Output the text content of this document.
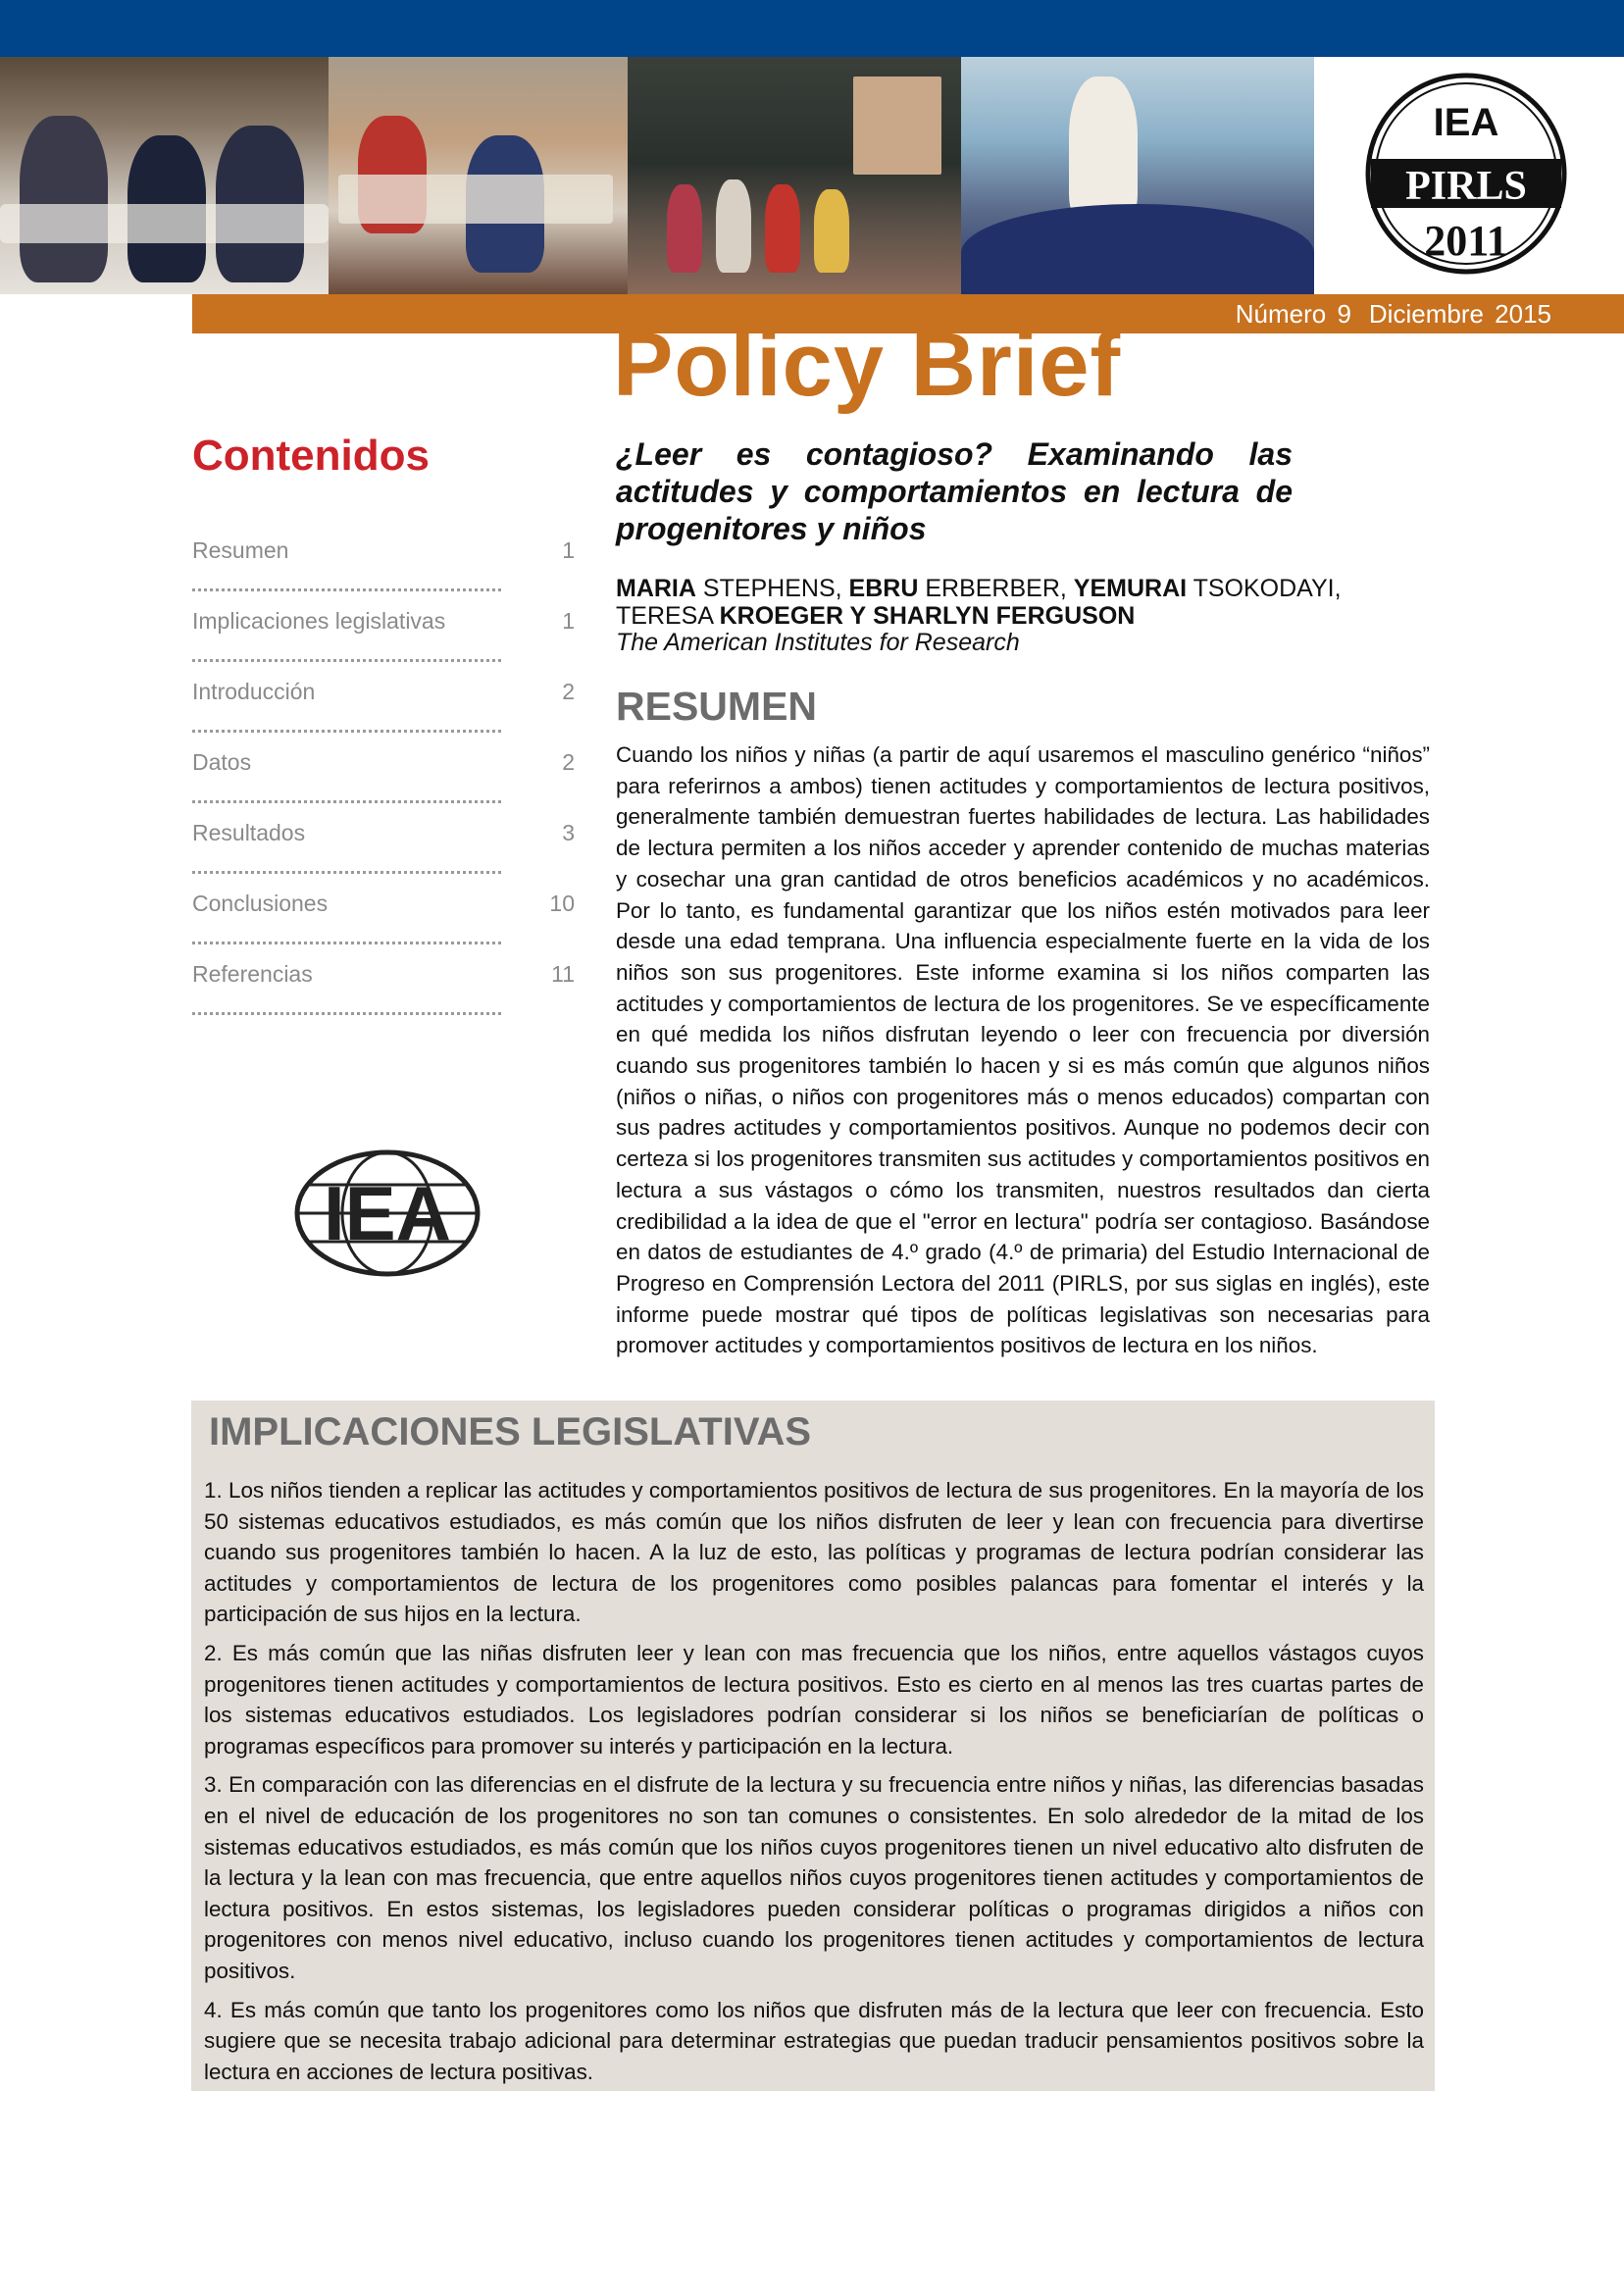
IEA
PIRLS
2011
Número 9 Diciembre 2015
Policy Brief
Contenidos
Resumen	1
Implicaciones legislativas	1
Introducción	2
Datos	2
Resultados	3
Conclusiones	10
Referencias	11
IEA
¿Leer es contagioso? Examinando las actitudes y comportamientos en lectura de progenitores y niños
MARIA STEPHENS, EBRU ERBERBER, YEMURAI TSOKODAYI,
TERESA KROEGER Y SHARLYN FERGUSON
The American Institutes for Research
RESUMEN

Cuando los niños y niñas (a partir de aquí usaremos el masculino genérico “niños” para referirnos a ambos) tienen actitudes y comportamientos de lectura positivos, generalmente también demuestran fuertes habilidades de lectura. Las habilidades de lectura permiten a los niños acceder y aprender contenido de muchas materias y cosechar una gran cantidad de otros beneficios académicos y no académicos. Por lo tanto, es fundamental garantizar que los niños estén motivados para leer desde una edad temprana. Una influencia especialmente fuerte en la vida de los niños son sus progenitores. Este informe examina si los niños comparten las actitudes y comportamientos de lectura de los progenitores. Se ve específicamente en qué medida los niños disfrutan leyendo o leer con frecuencia por diversión cuando sus progenitores también lo hacen y si es más común que algunos niños (niños o niñas, o niños con progenitores más o menos educados) compartan con sus padres actitudes y comportamientos positivos. Aunque no podemos decir con certeza si los progenitores transmiten sus actitudes y comportamientos positivos en lectura a sus vástagos o cómo los transmiten, nuestros resultados dan cierta credibilidad a la idea de que el "error en lectura" podría ser contagioso. Basándose en datos de estudiantes de 4.º grado (4.º de primaria) del Estudio Internacional de Progreso en Comprensión Lectora del 2011 (PIRLS, por sus siglas en inglés), este informe puede mostrar qué tipos de políticas legislativas son necesarias para promover actitudes y comportamientos positivos de lectura en los niños.

IMPLICACIONES LEGISLATIVAS

1. Los niños tienden a replicar las actitudes y comportamientos positivos de lectura de sus progenitores. En la mayoría de los 50 sistemas educativos estudiados, es más común que los niños disfruten de leer y lean con frecuencia para divertirse cuando sus progenitores también lo hacen. A la luz de esto, las políticas y programas de lectura podrían considerar las actitudes y comportamientos de lectura de los progenitores como posibles palancas para fomentar el interés y la participación de sus hijos en la lectura.

2. Es más común que las niñas disfruten leer y lean con mas frecuencia que los niños, entre aquellos vástagos cuyos progenitores tienen actitudes y comportamientos de lectura positivos. Esto es cierto en al menos las tres cuartas partes de los sistemas educativos estudiados. Los legisladores podrían considerar si los niños se beneficiarían de políticas o programas específicos para promover su interés y participación en la lectura.

3. En comparación con las diferencias en el disfrute de la lectura y su frecuencia entre niños y niñas, las diferencias basadas en el nivel de educación de los progenitores no son tan comunes o consistentes. En solo alrededor de la mitad de los sistemas educativos estudiados, es más común que los niños cuyos progenitores tienen un nivel educativo alto disfruten de la lectura y la lean con mas frecuencia, que entre aquellos niños cuyos progenitores tienen actitudes y comportamientos de lectura positivos. En estos sistemas, los legisladores pueden considerar políticas o programas dirigidos a niños con progenitores con menos nivel educativo, incluso cuando los progenitores tienen actitudes y comportamientos de lectura positivos.

4. Es más común que tanto los progenitores como los niños que disfruten más de la lectura que leer con frecuencia. Esto sugiere que se necesita trabajo adicional para determinar estrategias que puedan traducir pensamientos positivos sobre la lectura en acciones de lectura positivas.
